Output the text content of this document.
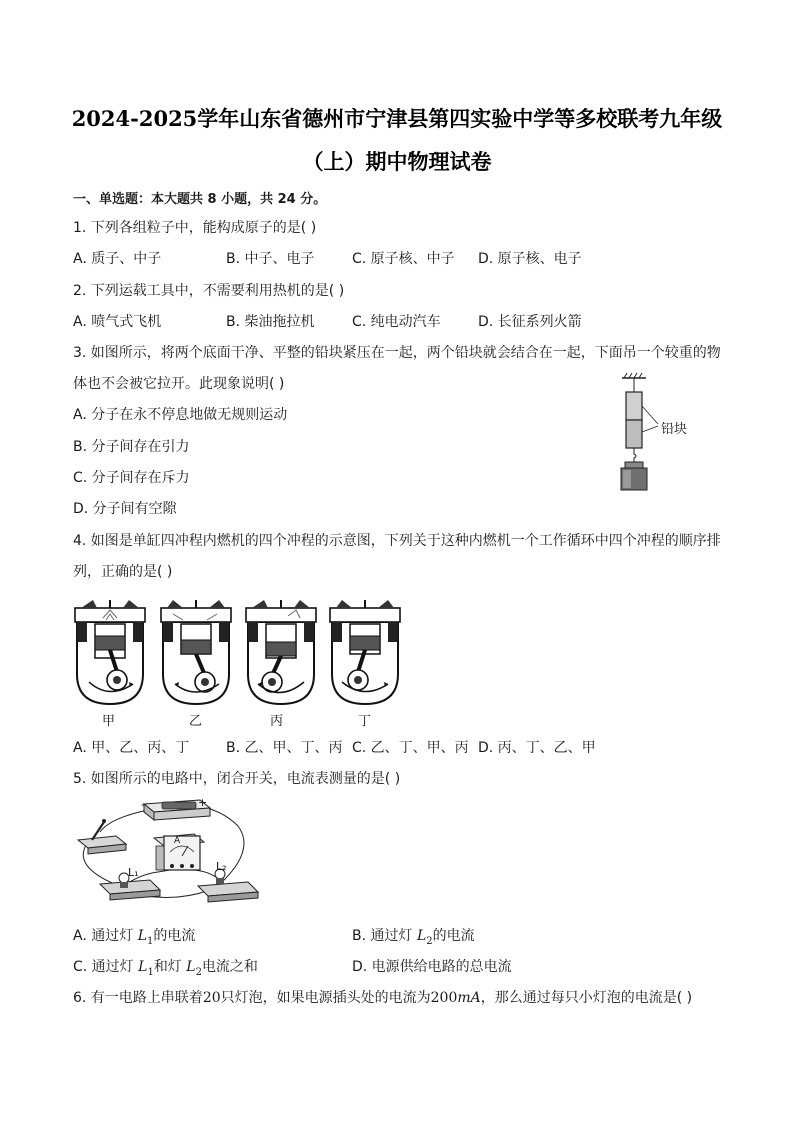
2024-2025学年山东省德州市宁津县第四实验中学等多校联考九年级
（上）期中物理试卷
一、单选题：本大题共 8 小题，共 24 分。
1. 下列各组粒子中，能构成原子的是( )
A. 质子、中子	B. 中子、电子	C. 原子核、中子 D. 原子核、电子
2. 下列运载工具中，不需要利用热机的是( )
A. 喷气式飞机	B. 柴油拖拉机	C. 纯电动汽车	D. 长征系列火箭
3. 如图所示，将两个底面干净、平整的铅块紧压在一起，两个铅块就会结合在一起，下面吊一个较重的物
体也不会被它拉开。此现象说明( )
A. 分子在永不停息地做无规则运动
B. 分子间存在引力
C. 分子间存在斥力
D. 分子间有空隙
铅块
4. 如图是单缸四冲程内燃机的四个冲程的示意图，下列关于这种内燃机一个工作循环中四个冲程的顺序排
列，正确的是( )
甲	乙	丙	丁
A. 甲、乙、丙、丁	B. 乙、甲、丁、丙 C. 乙、丁、甲、丙 D. 丙、丁、乙、甲
5. 如图所示的电路中，闭合开关，电流表测量的是( )
-	+
A
L₁	L₂
A. 通过灯 $L_1$的电流	B. 通过灯 $L_2$的电流
C. 通过灯 $L_1$和灯 $L_2$电流之和	D. 电源供给电路的总电流
6. 有一电路上串联着20只灯泡，如果电源插头处的电流为200mA，那么通过每只小灯泡的电流是( )
